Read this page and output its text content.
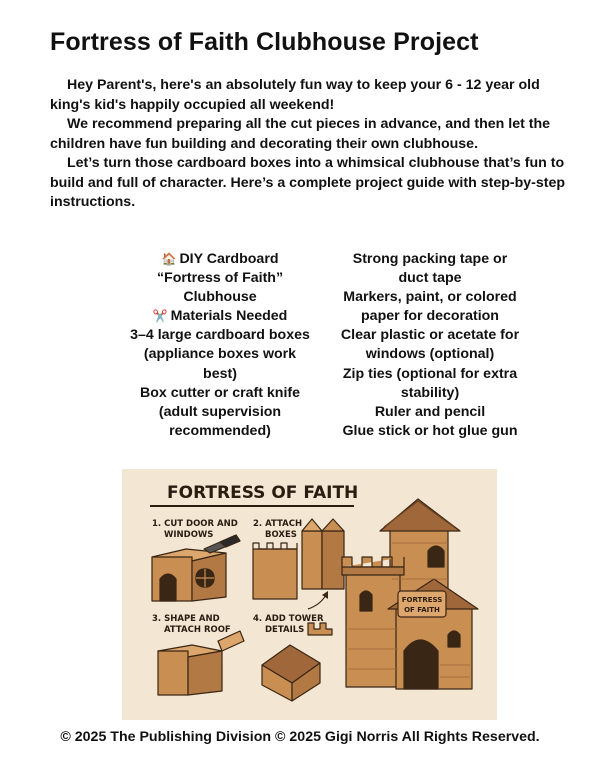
Fortress of Faith Clubhouse Project

Hey Parent's, here's an absolutely fun way to keep your 6 - 12 year old king's kid's happily occupied all weekend!

We recommend preparing all the cut pieces in advance, and then let the children have fun building and decorating their own clubhouse.

Let’s turn those cardboard boxes into a whimsical clubhouse that’s fun to build and full of character. Here’s a complete project guide with step-by-step instructions.

🏠 DIY Cardboard
“Fortress of Faith”
Clubhouse
✂️ Materials Needed
3–4 large cardboard boxes
(appliance boxes work
best)
Box cutter or craft knife
(adult supervision
recommended)
Strong packing tape or
duct tape
Markers, paint, or colored
paper for decoration
Clear plastic or acetate for
windows (optional)
Zip ties (optional for extra
stability)
Ruler and pencil
Glue stick or hot glue gun
FORTRESS OF FAITH
1. CUT DOOR AND
WINDOWS
2. ATTACH
BOXES
3. SHAPE AND
ATTACH ROOF
4. ADD TOWER
DETAILS
FORTRESS
OF FAITH
© 2025 The Publishing Division © 2025 Gigi Norris All Rights Reserved.
